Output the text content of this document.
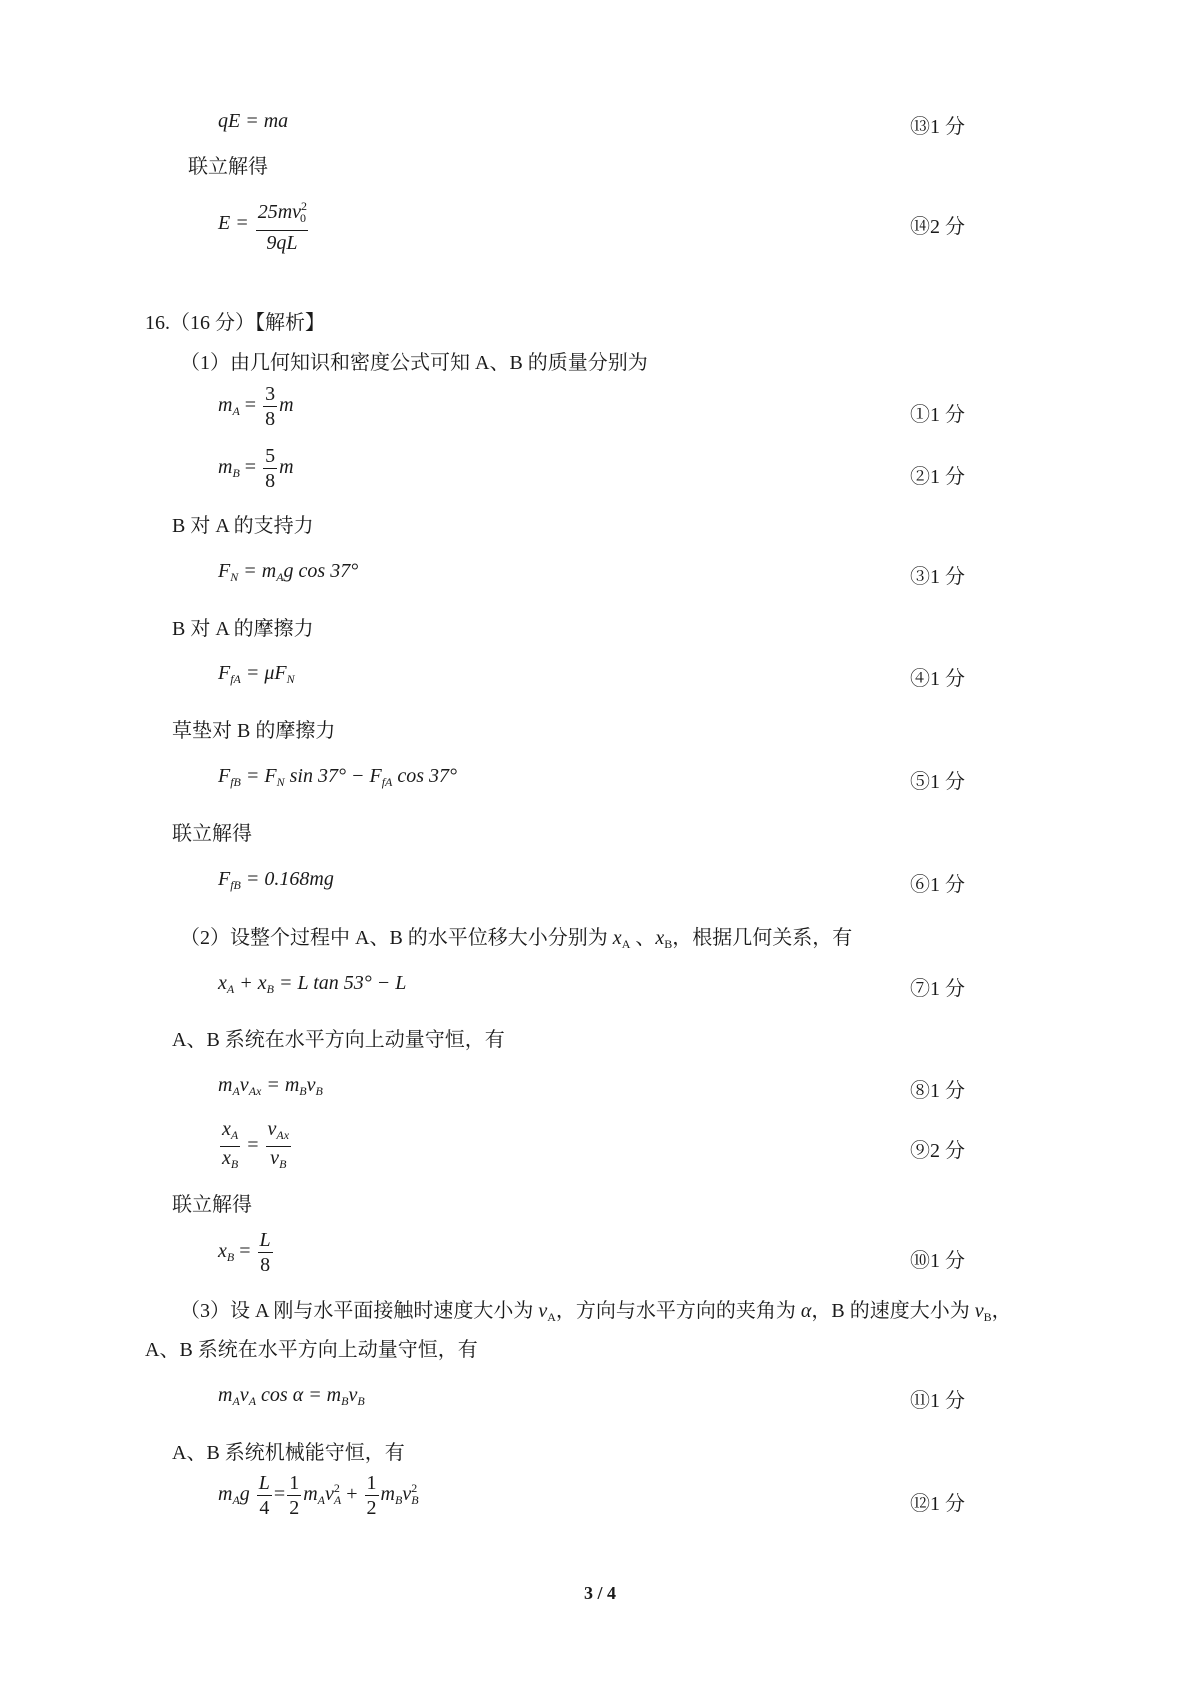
qE = ma	⑬1 分
联立解得
$E = \frac{25mv^2_0}{9qL}$	⑭2 分
16.（16 分）【解析】
（1）由几何知识和密度公式可知 A、B 的质量分别为
$m_A = \frac{3}{8}$ m	①1 分
$m_B = \frac{5}{8}$ m	②1 分
B 对 A 的支持力
$F_N = m_Ag$ cos 37°	③1 分
B 对 A 的摩擦力
$F_{fA} = \mu F_N$	④1 分
草垫对 B 的摩擦力
$F_{fB} = F_N$ $\sin 37^\circ - F_{fA}$ cos 37°	⑤1 分
联立解得
$F_{fB} = 0.168mg$	⑥1 分
（2）设整个过程中 A、B 的水平位移大小分别为 $x_A$ 、$x_B$，根据几何关系，有
$x_A + x_B = L$ tan 53° − L	⑦1 分
A、B 系统在水平方向上动量守恒，有
$m_Av_{Ax} = m_Bv_B$	⑧1 分
$\frac{x_A}{x_B} = \frac{v_{Ax}}{v_B}$	⑨2 分
联立解得
$x_B = \frac{L}{8}$	⑩1 分
（3）设 A 刚与水平面接触时速度大小为 $v_A$，方向与水平方向的夹角为 α，B 的速度大小为 $v_B$，
A、B 系统在水平方向上动量守恒，有
$m_Av_A$ $\cos \alpha = m_Bv_B$	⑪1 分
A、B 系统机械能守恒，有
$m_Ag \frac{L}{4} = \frac{1}{2} m_Av^2_A + \frac{1}{2} m_Bv^2_B$	⑫1 分
3 / 4
